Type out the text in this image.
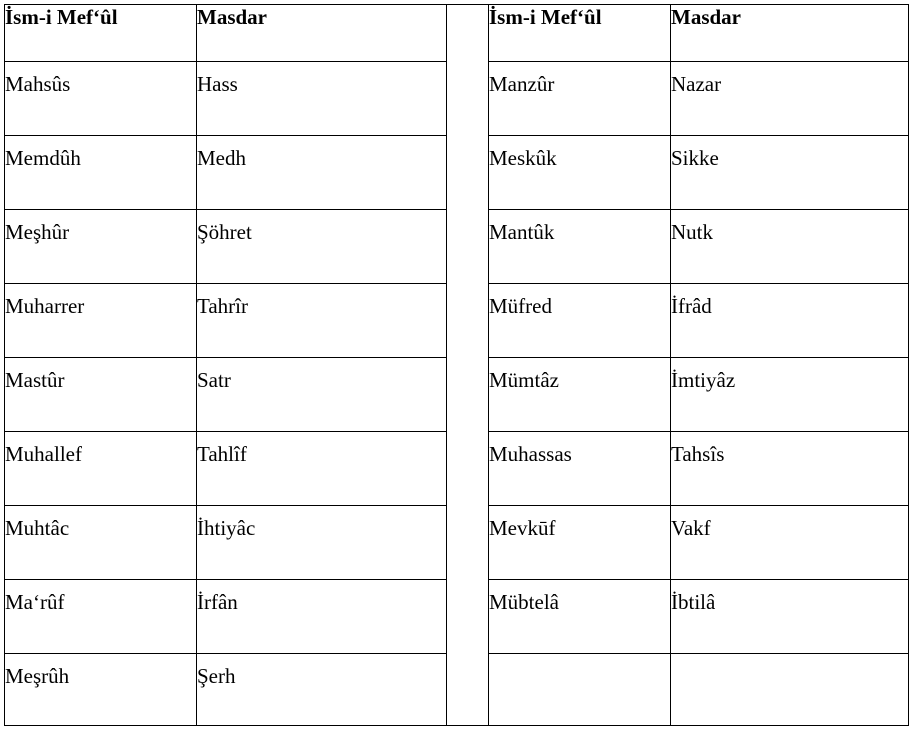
İsm-i Mef‘ûl	Masdar		İsm-i Mef‘ûl	Masdar
Mahsûs	Hass		Manzûr	Nazar
Memdûh	Medh		Meskûk	Sikke
Meşhûr	Şöhret		Mantûk	Nutk
Muharrer	Tahrîr		Müfred	İfrâd
Mastûr	Satr		Mümtâz	İmtiyâz
Muhallef	Tahlîf		Muhassas	Tahsîs
Muhtâc	İhtiyâc		Mevkūf	Vakf
Ma‘rûf	İrfân		Mübtelâ	İbtilâ
Meşrûh	Şerh			
